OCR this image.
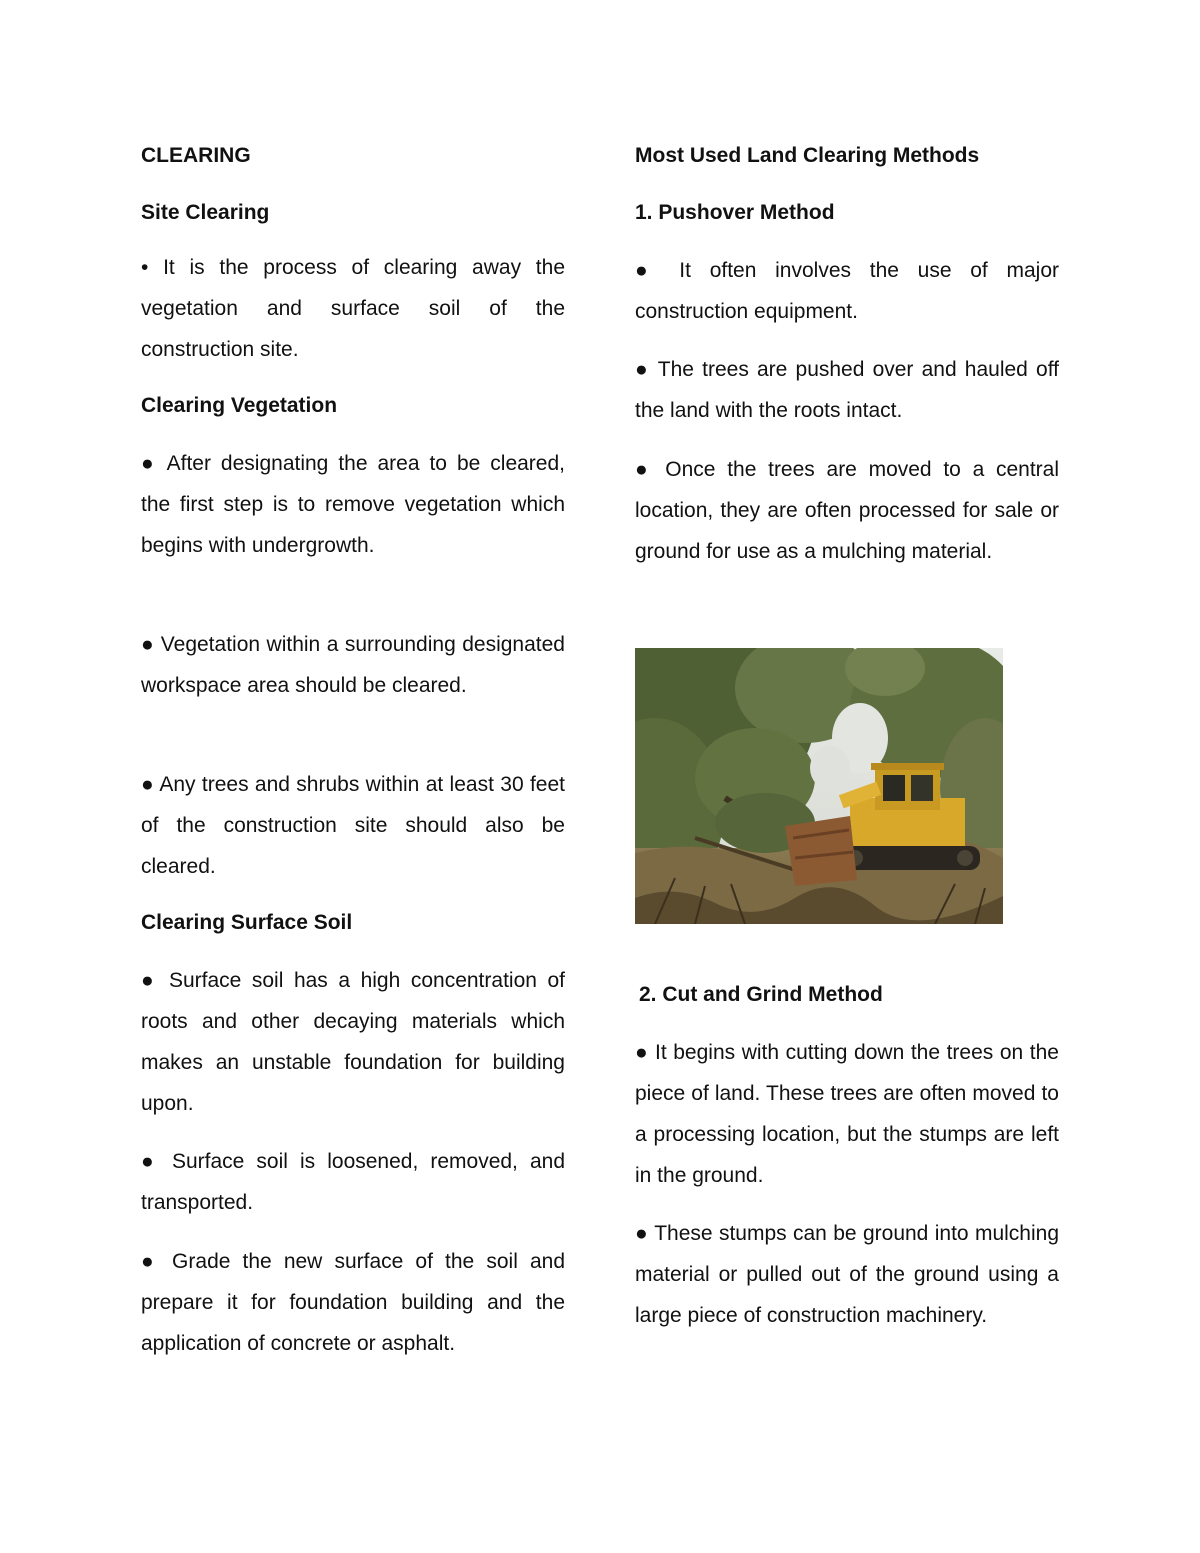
CLEARING
Site Clearing

• It is the process of clearing away the vegetation and surface soil of the construction site.

Clearing Vegetation

● After designating the area to be cleared, the first step is to remove vegetation which begins with undergrowth.

● Vegetation within a surrounding designated workspace area should be cleared.

● Any trees and shrubs within at least 30 feet of the construction site should also be cleared.

Clearing Surface Soil

● Surface soil has a high concentration of roots and other decaying materials which makes an unstable foundation for building upon.

● Surface soil is loosened, removed, and transported.

● Grade the new surface of the soil and prepare it for foundation building and the application of concrete or asphalt.

Most Used Land Clearing Methods
1. Pushover Method

● It often involves the use of major construction equipment.

● The trees are pushed over and hauled off the land with the roots intact.

● Once the trees are moved to a central location, they are often processed for sale or ground for use as a mulching material.

2. Cut and Grind Method

● It begins with cutting down the trees on the piece of land. These trees are often moved to a processing location, but the stumps are left in the ground.

● These stumps can be ground into mulching material or pulled out of the ground using a large piece of construction machinery.
